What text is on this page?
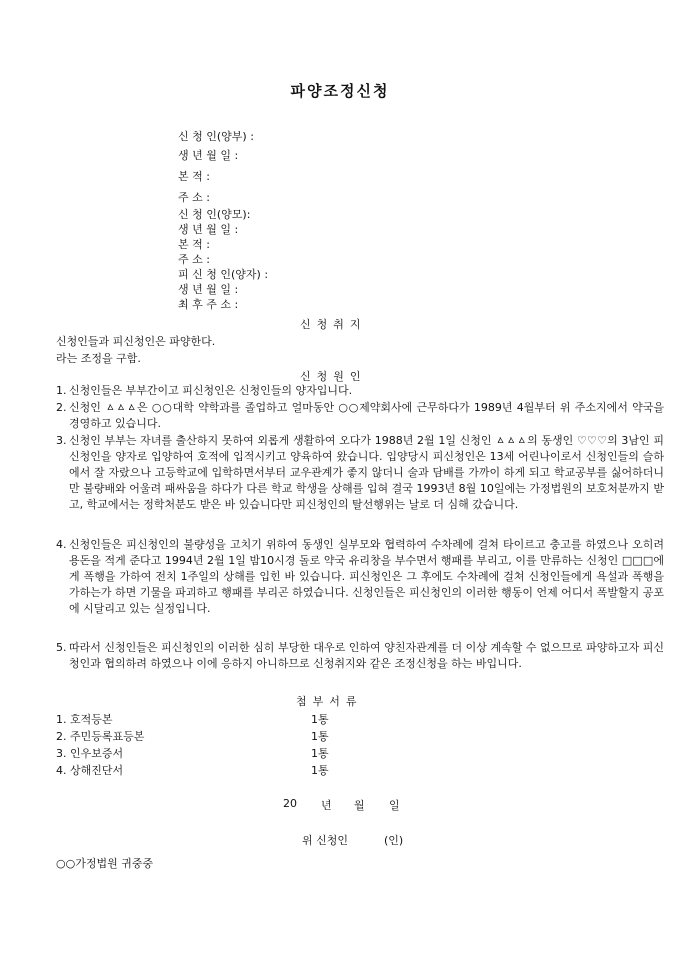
파양조정신청
신 청 인(양부) :
생 년 월 일 :
본 적 :
주 소 :
신 청 인(양모):
생 년 월 일 :
본 적 :
주 소 :
피 신 청 인(양자) :
생 년 월 일 :
최 후 주 소 :
신청취지
신청인들과 피신청인은 파양한다.
라는 조정을 구함.
신청원인
1. 신청인들은 부부간이고 피신청인은 신청인들의 양자입니다.
2. 신청인 ㅿㅿㅿ은 ○○대학 약학과를 졸업하고 얼마동안 ○○제약회사에 근무하다가 1989년 4월부터 위 주소지에서 약국을 경영하고 있습니다.
3. 신청인 부부는 자녀를 출산하지 못하여 외롭게 생활하여 오다가 1988년 2월 1일 신청인 ㅿㅿㅿ의 동생인 ♡♡♡의 3남인 피신청인을 양자로 입양하여 호적에 입적시키고 양육하여 왔습니다. 입양당시 피신청인은 13세 어린나이로서 신청인들의 슬하에서 잘 자랐으나 고등학교에 입학하면서부터 교우관계가 좋지 않더니 술과 담배를 가까이 하게 되고 학교공부를 싫어하더니만 불량배와 어울려 패싸움을 하다가 다른 학교 학생을 상해를 입혀 결국 1993년 8월 10일에는 가정법원의 보호처분까지 받고, 학교에서는 정학처분도 받은 바 있습니다만 피신청인의 탈선행위는 날로 더 심해 갔습니다.
4. 신청인들은 피신청인의 불량성을 고치기 위하여 동생인 실부모와 협력하여 수차례에 걸쳐 타이르고 충고를 하였으나 오히려 용돈을 적게 준다고 1994년 2월 1일 밤10시경 돌로 약국 유리창을 부수면서 행패를 부리고, 이를 만류하는 신청인 □□□에게 폭행을 가하여 전치 1주일의 상해를 입힌 바 있습니다. 피신청인은 그 후에도 수차례에 걸쳐 신청인들에게 욕설과 폭행을 가하는가 하면 기물을 파괴하고 행패를 부리곤 하였습니다. 신청인들은 피신청인의 이러한 행동이 언제 어디서 폭발할지 공포에 시달리고 있는 실정입니다.
5. 따라서 신청인들은 피신청인의 이러한 심히 부당한 대우로 인하여 양친자관계를 더 이상 계속할 수 없으므로 파양하고자 피신청인과 협의하려 하였으나 이에 응하지 아니하므로 신청취지와 같은 조정신청을 하는 바입니다.
첨부서류
1. 호적등본	1통
2. 주민등록표등본	1통
3. 인우보증서	1통
4. 상해진단서	1통
20 년 월 일
위 신청인	(인)
○○가정법원 귀중중
